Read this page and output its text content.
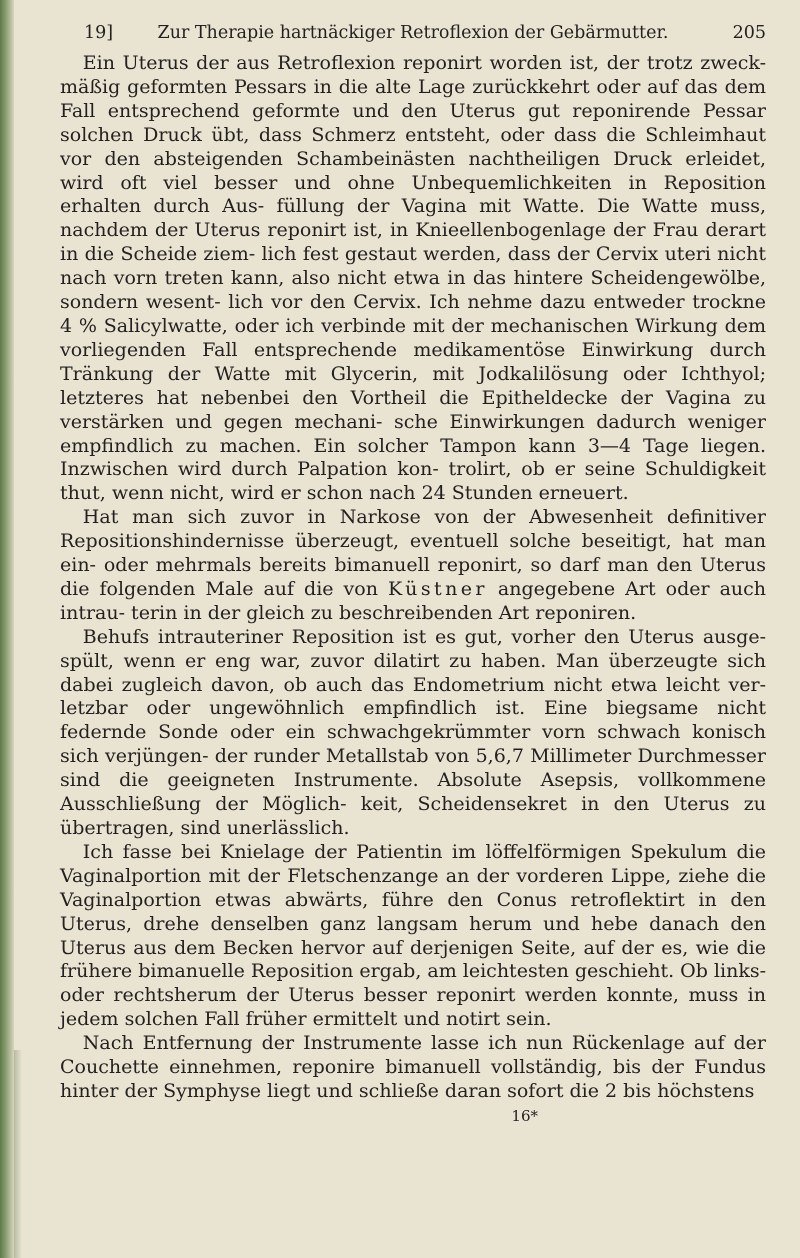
19]	Zur Therapie hartnäckiger Retroflexion der Gebärmutter.	205

Ein Uterus der aus Retroflexion reponirt worden ist, der trotz zweck- mäßig geformten Pessars in die alte Lage zurückkehrt oder auf das dem Fall entsprechend geformte und den Uterus gut reponirende Pessar solchen Druck übt, dass Schmerz entsteht, oder dass die Schleimhaut vor den absteigenden Schambeinästen nachtheiligen Druck erleidet, wird oft viel besser und ohne Unbequemlichkeiten in Reposition erhalten durch Aus- füllung der Vagina mit Watte. Die Watte muss, nachdem der Uterus reponirt ist, in Knieellenbogenlage der Frau derart in die Scheide ziem- lich fest gestaut werden, dass der Cervix uteri nicht nach vorn treten kann, also nicht etwa in das hintere Scheidengewölbe, sondern wesent- lich vor den Cervix. Ich nehme dazu entweder trockne 4 % Salicylwatte, oder ich verbinde mit der mechanischen Wirkung dem vorliegenden Fall entsprechende medikamentöse Einwirkung durch Tränkung der Watte mit Glycerin, mit Jodkalilösung oder Ichthyol; letzteres hat nebenbei den Vortheil die Epitheldecke der Vagina zu verstärken und gegen mechani- sche Einwirkungen dadurch weniger empfindlich zu machen. Ein solcher Tampon kann 3—4 Tage liegen. Inzwischen wird durch Palpation kon- trolirt, ob er seine Schuldigkeit thut, wenn nicht, wird er schon nach 24 Stunden erneuert.

Hat man sich zuvor in Narkose von der Abwesenheit definitiver Repositionshindernisse überzeugt, eventuell solche beseitigt, hat man ein- oder mehrmals bereits bimanuell reponirt, so darf man den Uterus die folgenden Male auf die von Küstner angegebene Art oder auch intrau- terin in der gleich zu beschreibenden Art reponiren.

Behufs intrauteriner Reposition ist es gut, vorher den Uterus ausge- spült, wenn er eng war, zuvor dilatirt zu haben. Man überzeugte sich dabei zugleich davon, ob auch das Endometrium nicht etwa leicht ver- letzbar oder ungewöhnlich empfindlich ist. Eine biegsame nicht federnde Sonde oder ein schwachgekrümmter vorn schwach konisch sich verjüngen- der runder Metallstab von 5,6,7 Millimeter Durchmesser sind die geeigneten Instrumente. Absolute Asepsis, vollkommene Ausschließung der Möglich- keit, Scheidensekret in den Uterus zu übertragen, sind unerlässlich.

Ich fasse bei Knielage der Patientin im löffelförmigen Spekulum die Vaginalportion mit der Fletschenzange an der vorderen Lippe, ziehe die Vaginalportion etwas abwärts, führe den Conus retroflektirt in den Uterus, drehe denselben ganz langsam herum und hebe danach den Uterus aus dem Becken hervor auf derjenigen Seite, auf der es, wie die frühere bimanuelle Reposition ergab, am leichtesten geschieht. Ob links- oder rechtsherum der Uterus besser reponirt werden konnte, muss in jedem solchen Fall früher ermittelt und notirt sein.

Nach Entfernung der Instrumente lasse ich nun Rückenlage auf der Couchette einnehmen, reponire bimanuell vollständig, bis der Fundus hinter der Symphyse liegt und schließe daran sofort die 2 bis höchstens

16*
